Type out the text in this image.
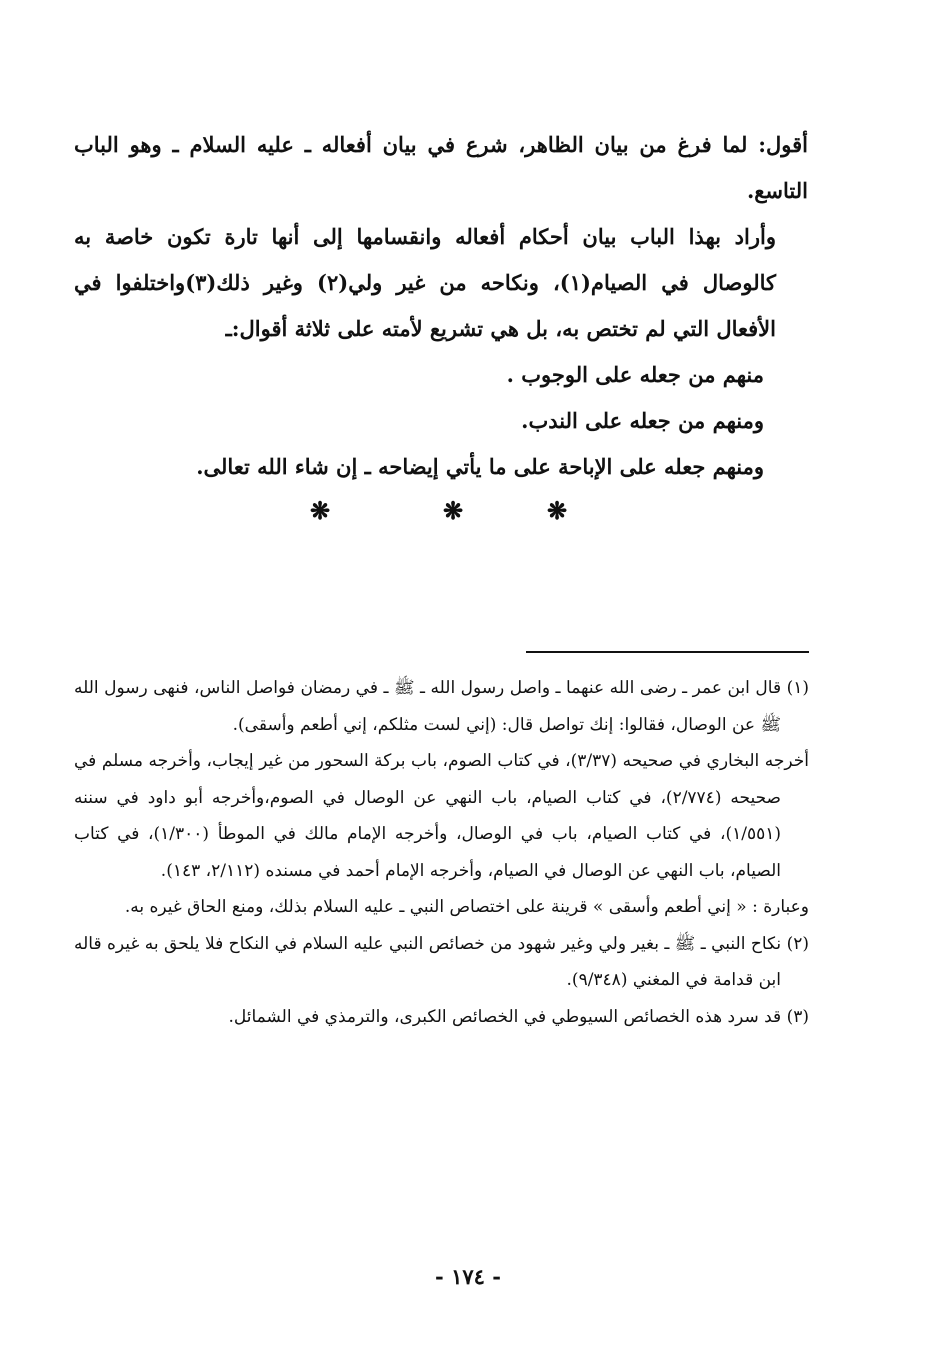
أقول: لما فرغ من بيان الظاهر، شرع في بيان أفعاله ـ عليه السلام ـ وهو الباب التاسع.

وأراد بهذا الباب بيان أحكام أفعاله وانقسامها إلى أنها تارة تكون خاصة به كالوصال في الصيام(١)، ونكاحه من غير ولي(٢) وغير ذلك(٣)واختلفوا في الأفعال التي لم تختص به، بل هي تشريع لأمته على ثلاثة أقوال:ـ

منهم من جعله على الوجوب .

ومنهم من جعله على الندب.

ومنهم جعله على الإباحة على ما يأتي إيضاحه ـ إن شاء الله تعالى.

❋	❋	❋

(١) قال ابن عمر ـ رضى الله عنهما ـ واصل رسول الله ـ ﷺ ـ في رمضان فواصل الناس، فنهى رسول الله ﷺ عن الوصال، فقالوا: إنك تواصل قال: (إني لست مثلكم، إني أطعم وأسقى).

أخرجه البخاري في صحيحه (٣/٣٧)، في كتاب الصوم، باب بركة السحور من غير إيجاب، وأخرجه مسلم في صحيحه (٢/٧٧٤)، في كتاب الصيام، باب النهي عن الوصال في الصوم،وأخرجه أبو داود في سننه (١/٥٥١)، في كتاب الصيام، باب في الوصال، وأخرجه الإمام مالك في الموطأ (١/٣٠٠)، في كتاب الصيام، باب النهي عن الوصال في الصيام، وأخرجه الإمام أحمد في مسنده (٢/١١٢، ١٤٣).

وعبارة : « إني أطعم وأسقى » قرينة على اختصاص النبي ـ عليه السلام بذلك، ومنع الحاق غيره به.

(٢) نكاح النبي ـ ﷺ ـ بغير ولي وغير شهود من خصائص النبي عليه السلام في النكاح فلا يلحق به غيره قاله ابن قدامة في المغني (٩/٣٤٨).

(٣) قد سرد هذه الخصائص السيوطي في الخصائص الكبرى، والترمذي في الشمائل.

- ١٧٤ -
